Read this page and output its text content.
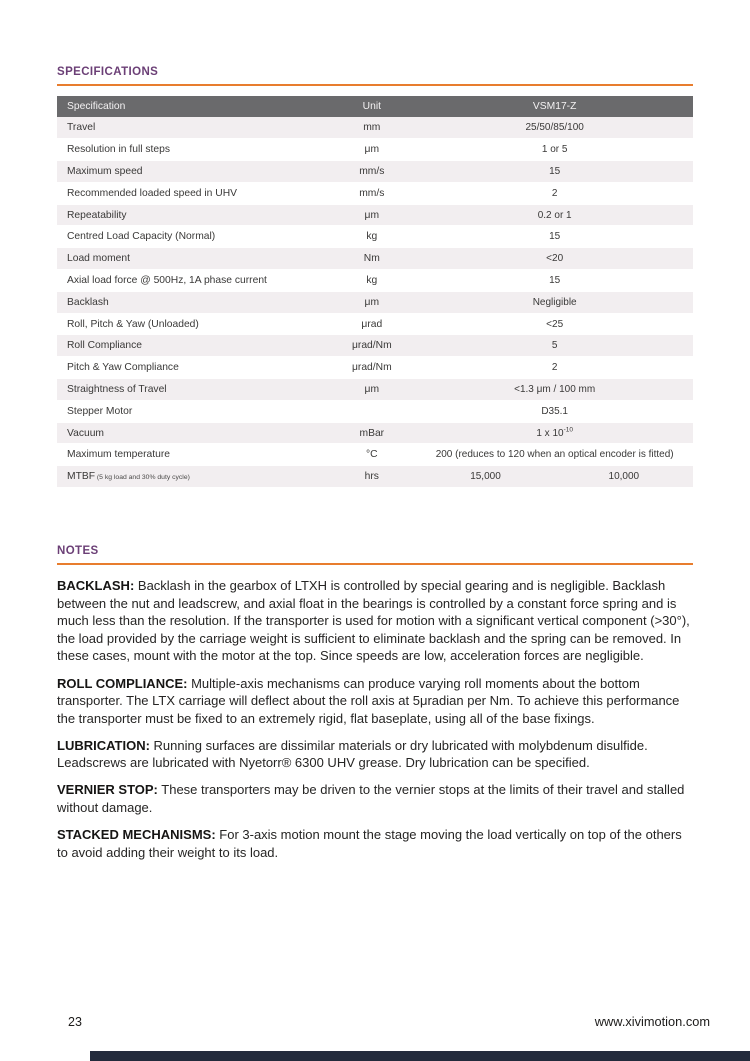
SPECIFICATIONS
Specification	Unit	VSM17-Z
Travel	mm	25/50/85/100
Resolution in full steps	μm	1 or 5
Maximum speed	mm/s	15
Recommended loaded speed in UHV	mm/s	2
Repeatability	μm	0.2 or 1
Centred Load Capacity (Normal)	kg	15
Load moment	Nm	<20
Axial load force @ 500Hz, 1A phase current	kg	15
Backlash	μm	Negligible
Roll, Pitch & Yaw (Unloaded)	μrad	<25
Roll Compliance	μrad/Nm	5
Pitch & Yaw Compliance	μrad/Nm	2
Straightness of Travel	μm	<1.3 μm / 100 mm
Stepper Motor		D35.1
Vacuum	mBar	1 x $10^{-10}$
Maximum temperature	°C	200 (reduces to 120 when an optical encoder is fitted)
MTBF (5 kg load and 30% duty cycle)	hrs	15,000 10,000
NOTES

BACKLASH: Backlash in the gearbox of LTXH is controlled by special gearing and is negligible. Backlash between the nut and leadscrew, and axial float in the bearings is controlled by a constant force spring and is much less than the resolution. If the transporter is used for motion with a significant vertical component (>30°), the load provided by the carriage weight is sufficient to eliminate backlash and the spring can be removed. In these cases, mount with the motor at the top. Since speeds are low, acceleration forces are negligible.

ROLL COMPLIANCE: Multiple-axis mechanisms can produce varying roll moments about the bottom transporter. The LTX carriage will deflect about the roll axis at 5μradian per Nm. To achieve this performance the transporter must be fixed to an extremely rigid, flat baseplate, using all of the base fixings.

LUBRICATION: Running surfaces are dissimilar materials or dry lubricated with molybdenum disulfide. Leadscrews are lubricated with Nyetorr® 6300 UHV grease. Dry lubrication can be specified.

VERNIER STOP: These transporters may be driven to the vernier stops at the limits of their travel and stalled without damage.

STACKED MECHANISMS: For 3-axis motion mount the stage moving the load vertically on top of the others to avoid adding their weight to its load.

23	www.xivimotion.com
